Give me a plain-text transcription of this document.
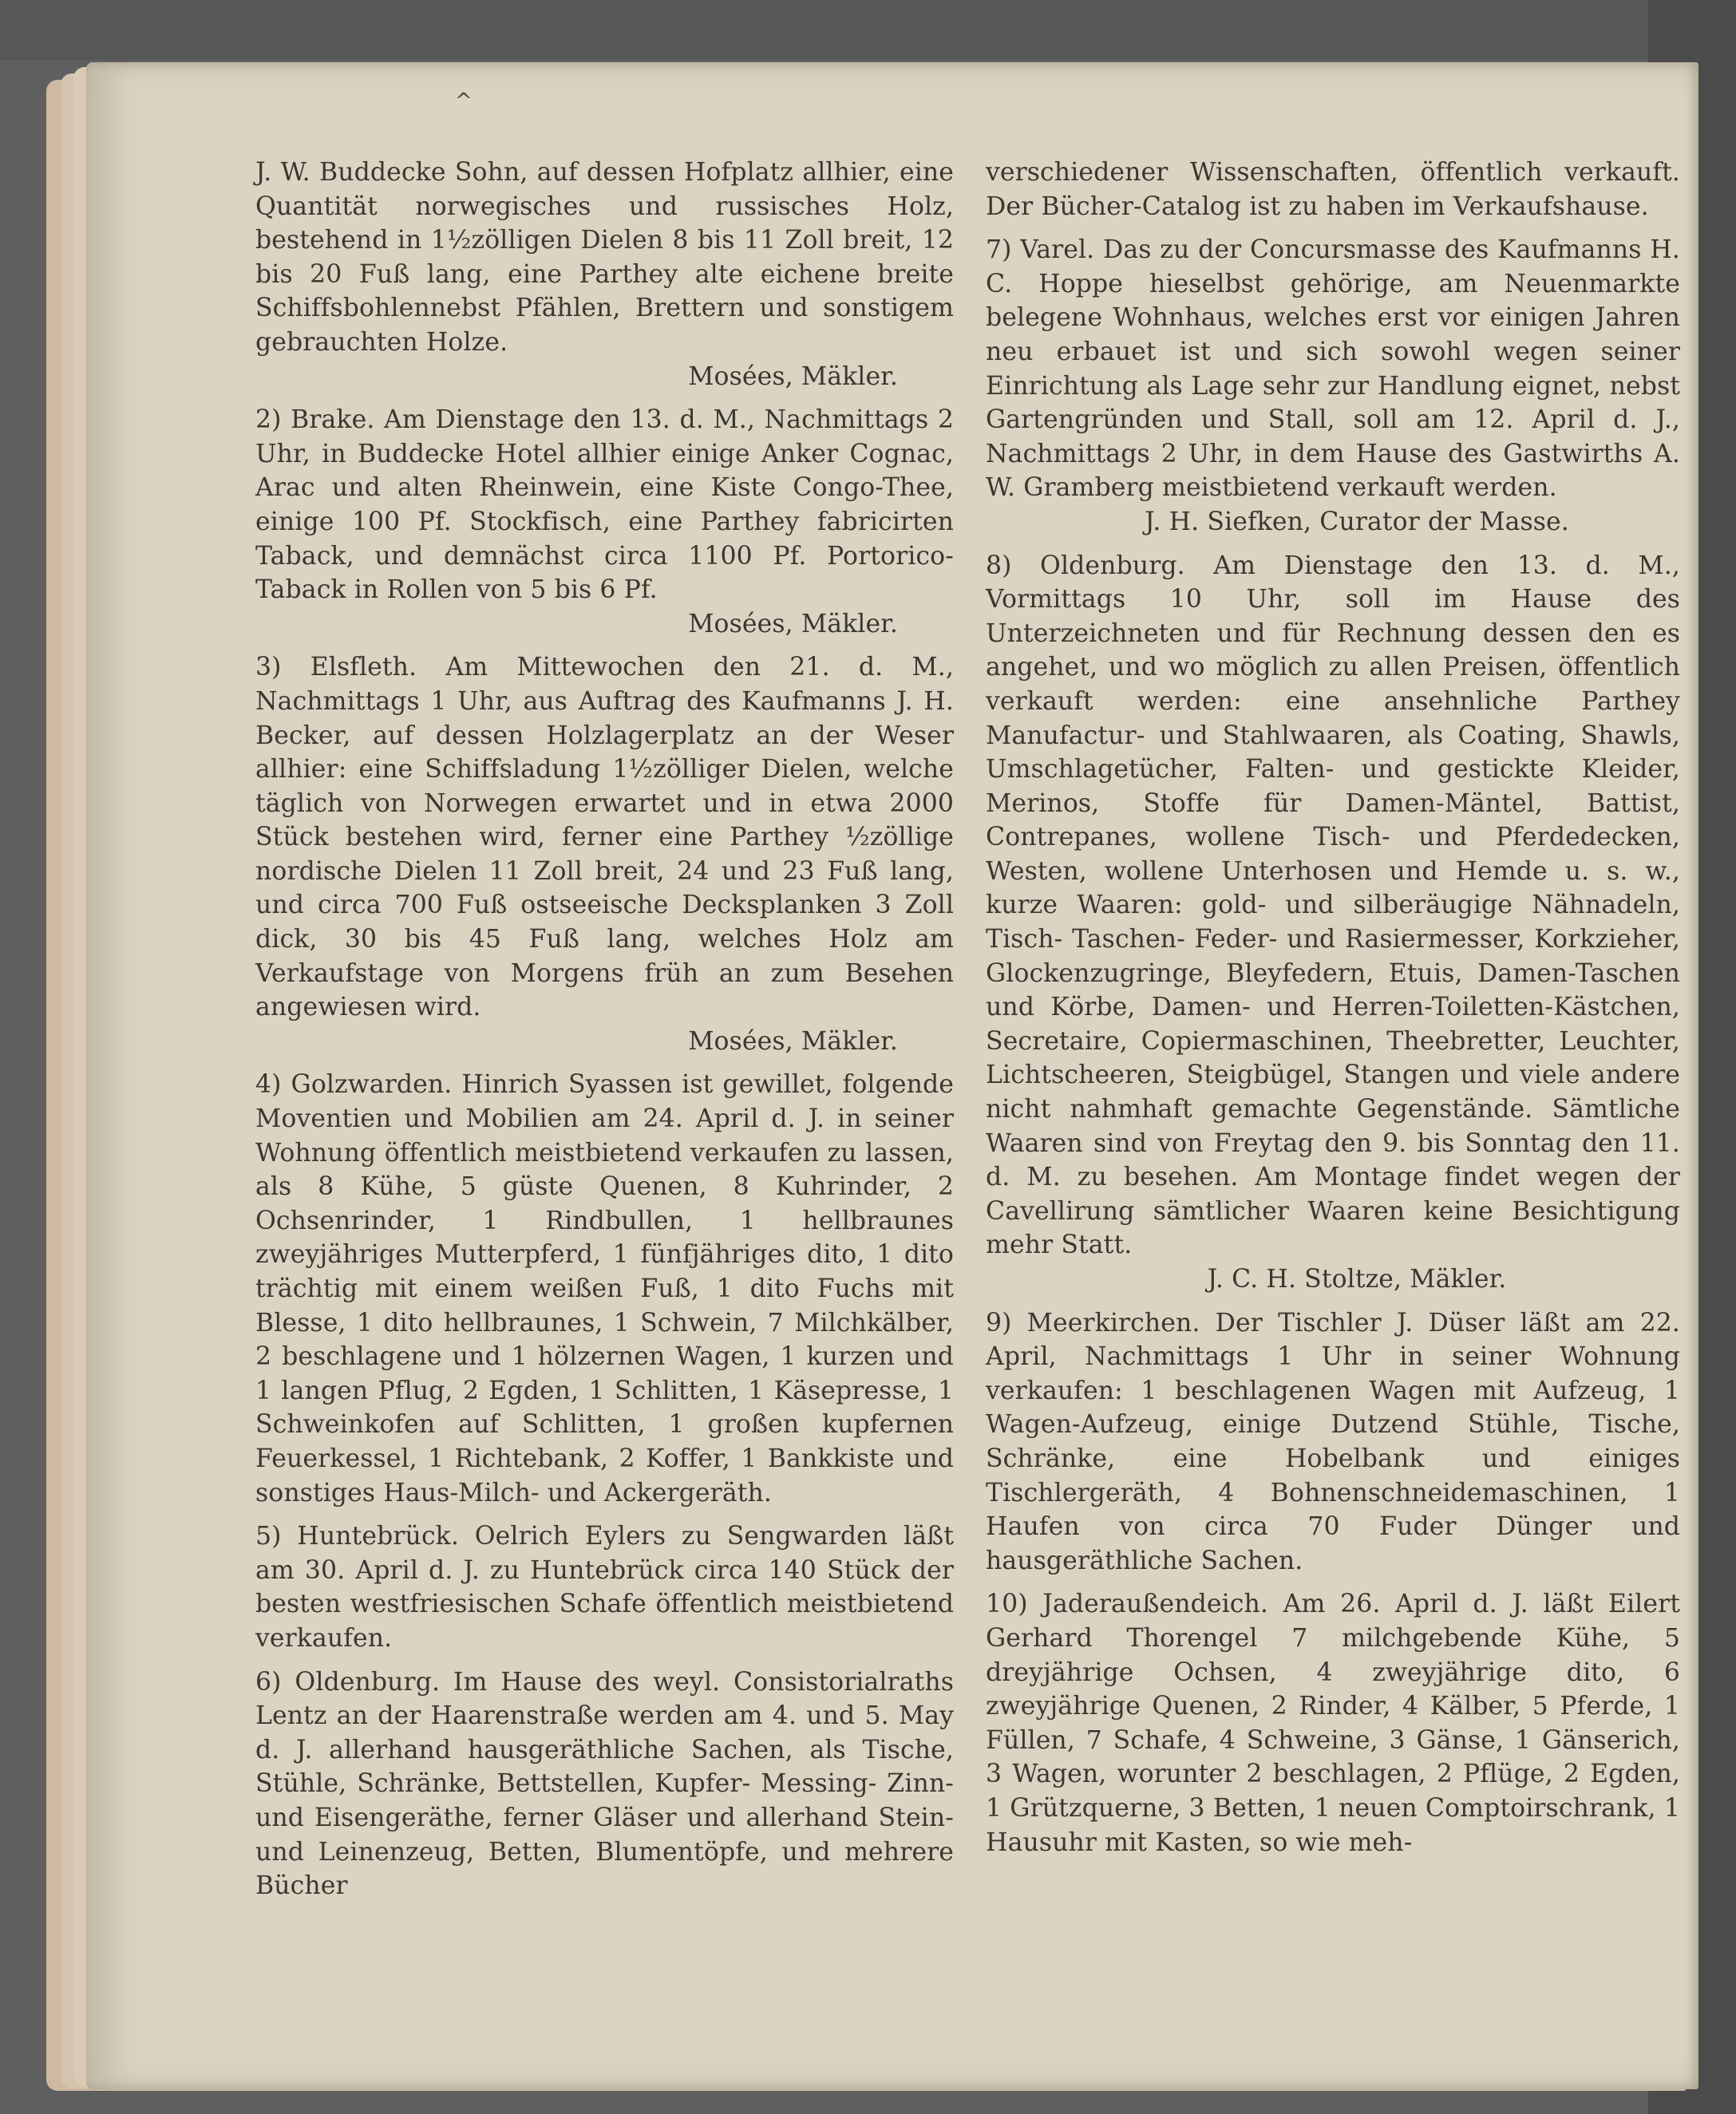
^

J. W. Buddecke Sohn, auf dessen Hofplatz allhier, eine Quantität norwegisches und russisches Holz, bestehend in 1½zölligen Dielen 8 bis 11 Zoll breit, 12 bis 20 Fuß lang, eine Parthey alte eichene breite Schiffsbohlennebst Pfählen, Brettern und sonstigem gebrauchten Holze.

Mosées, Mäkler.

2) Brake. Am Dienstage den 13. d. M., Nachmittags 2 Uhr, in Buddecke Hotel allhier einige Anker Cognac, Arac und alten Rheinwein, eine Kiste Congo-Thee, einige 100 Pf. Stockfisch, eine Parthey fabricirten Taback, und demnächst circa 1100 Pf. Portorico-Taback in Rollen von 5 bis 6 Pf.

Mosées, Mäkler.

3) Elsfleth. Am Mittewochen den 21. d. M., Nachmittags 1 Uhr, aus Auftrag des Kaufmanns J. H. Becker, auf dessen Holzlagerplatz an der Weser allhier: eine Schiffsladung 1½zölliger Dielen, welche täglich von Norwegen erwartet und in etwa 2000 Stück bestehen wird, ferner eine Parthey ½zöllige nordische Dielen 11 Zoll breit, 24 und 23 Fuß lang, und circa 700 Fuß ostseeische Decksplanken 3 Zoll dick, 30 bis 45 Fuß lang, welches Holz am Verkaufstage von Morgens früh an zum Besehen angewiesen wird.

Mosées, Mäkler.

4) Golzwarden. Hinrich Syassen ist gewillet, folgende Moventien und Mobilien am 24. April d. J. in seiner Wohnung öffentlich meistbietend verkaufen zu lassen, als 8 Kühe, 5 güste Quenen, 8 Kuhrinder, 2 Ochsenrinder, 1 Rindbullen, 1 hellbraunes zweyjähriges Mutterpferd, 1 fünfjähriges dito, 1 dito trächtig mit einem weißen Fuß, 1 dito Fuchs mit Blesse, 1 dito hellbraunes, 1 Schwein, 7 Milchkälber, 2 beschlagene und 1 hölzernen Wagen, 1 kurzen und 1 langen Pflug, 2 Egden, 1 Schlitten, 1 Käsepresse, 1 Schweinkofen auf Schlitten, 1 großen kupfernen Feuerkessel, 1 Richtebank, 2 Koffer, 1 Bankkiste und sonstiges Haus-Milch- und Ackergeräth.

5) Huntebrück. Oelrich Eylers zu Sengwarden läßt am 30. April d. J. zu Huntebrück circa 140 Stück der besten westfriesischen Schafe öffentlich meistbietend verkaufen.

6) Oldenburg. Im Hause des weyl. Consistorialraths Lentz an der Haarenstraße werden am 4. und 5. May d. J. allerhand hausgeräthliche Sachen, als Tische, Stühle, Schränke, Bettstellen, Kupfer- Messing- Zinn- und Eisengeräthe, ferner Gläser und allerhand Stein- und Leinenzeug, Betten, Blumentöpfe, und mehrere Bücher

verschiedener Wissenschaften, öffentlich verkauft. Der Bücher-Catalog ist zu haben im Verkaufshause.

7) Varel. Das zu der Concursmasse des Kaufmanns H. C. Hoppe hieselbst gehörige, am Neuenmarkte belegene Wohnhaus, welches erst vor einigen Jahren neu erbauet ist und sich sowohl wegen seiner Einrichtung als Lage sehr zur Handlung eignet, nebst Gartengründen und Stall, soll am 12. April d. J., Nachmittags 2 Uhr, in dem Hause des Gastwirths A. W. Gramberg meistbietend verkauft werden.

J. H. Siefken, Curator der Masse.

8) Oldenburg. Am Dienstage den 13. d. M., Vormittags 10 Uhr, soll im Hause des Unterzeichneten und für Rechnung dessen den es angehet, und wo möglich zu allen Preisen, öffentlich verkauft werden: eine ansehnliche Parthey Manufactur- und Stahlwaaren, als Coating, Shawls, Umschlagetücher, Falten- und gestickte Kleider, Merinos, Stoffe für Damen-Mäntel, Battist, Contrepanes, wollene Tisch- und Pferdedecken, Westen, wollene Unterhosen und Hemde u. s. w., kurze Waaren: gold- und silberäugige Nähnadeln, Tisch- Taschen- Feder- und Rasiermesser, Korkzieher, Glockenzugringe, Bleyfedern, Etuis, Damen-Taschen und Körbe, Damen- und Herren-Toiletten-Kästchen, Secretaire, Copiermaschinen, Theebretter, Leuchter, Lichtscheeren, Steigbügel, Stangen und viele andere nicht nahmhaft gemachte Gegenstände. Sämtliche Waaren sind von Freytag den 9. bis Sonntag den 11. d. M. zu besehen. Am Montage findet wegen der Cavellirung sämtlicher Waaren keine Besichtigung mehr Statt.

J. C. H. Stoltze, Mäkler.

9) Meerkirchen. Der Tischler J. Düser läßt am 22. April, Nachmittags 1 Uhr in seiner Wohnung verkaufen: 1 beschlagenen Wagen mit Aufzeug, 1 Wagen-Aufzeug, einige Dutzend Stühle, Tische, Schränke, eine Hobelbank und einiges Tischlergeräth, 4 Bohnenschneidemaschinen, 1 Haufen von circa 70 Fuder Dünger und hausgeräthliche Sachen.

10) Jaderaußendeich. Am 26. April d. J. läßt Eilert Gerhard Thorengel 7 milchgebende Kühe, 5 dreyjährige Ochsen, 4 zweyjährige dito, 6 zweyjährige Quenen, 2 Rinder, 4 Kälber, 5 Pferde, 1 Füllen, 7 Schafe, 4 Schweine, 3 Gänse, 1 Gänserich, 3 Wagen, worunter 2 beschlagen, 2 Pflüge, 2 Egden, 1 Grützquerne, 3 Betten, 1 neuen Comptoirschrank, 1 Hausuhr mit Kasten, so wie meh-
